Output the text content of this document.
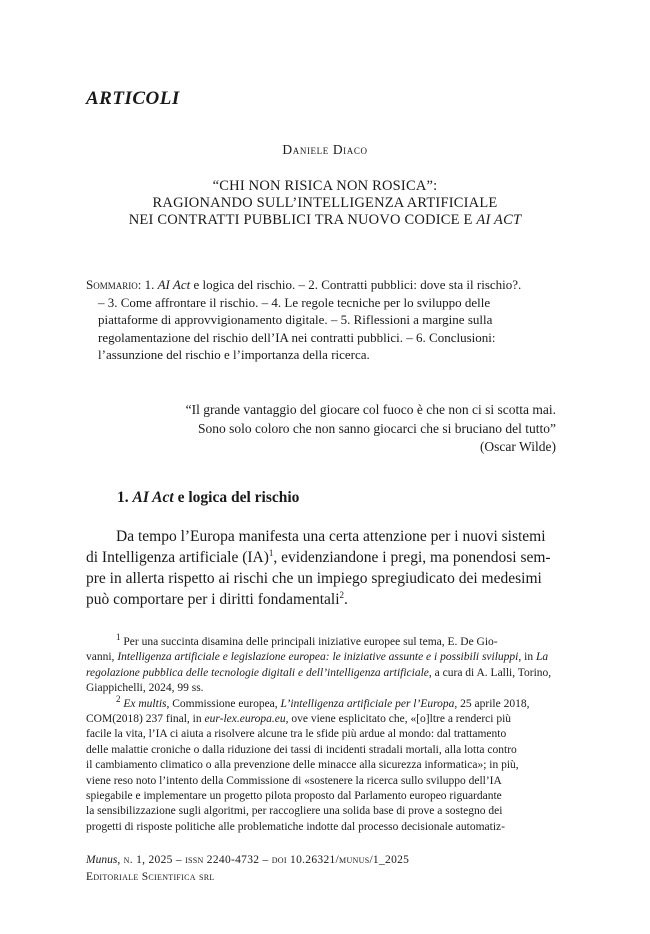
ARTICOLI
Daniele Diaco
“CHI NON RISICA NON ROSICA”:
RAGIONANDO SULL’INTELLIGENZA ARTIFICIALE
NEI CONTRATTI PUBBLICI TRA NUOVO CODICE E AI ACT
Sommario: 1. AI Act e logica del rischio. – 2. Contratti pubblici: dove sta il rischio?.
– 3. Come affrontare il rischio. – 4. Le regole tecniche per lo sviluppo delle
piattaforme di approvvigionamento digitale. – 5. Riflessioni a margine sulla
regolamentazione del rischio dell’IA nei contratti pubblici. – 6. Conclusioni:
l’assunzione del rischio e l’importanza della ricerca.
“Il grande vantaggio del giocare col fuoco è che non ci si scotta mai.
Sono solo coloro che non sanno giocarci che si bruciano del tutto”
(Oscar Wilde)
1. AI Act e logica del rischio
Da tempo l’Europa manifesta una certa attenzione per i nuovi sistemi
di Intelligenza artificiale (IA)$^1$, evidenziandone i pregi, ma ponendosi sem-
pre in allerta rispetto ai rischi che un impiego spregiudicato dei medesimi
può comportare per i diritti fondamentali$^2$.
$^1$ Per una succinta disamina delle principali iniziative europee sul tema, E. De Gio-
vanni, Intelligenza artificiale e legislazione europea: le iniziative assunte e i possibili sviluppi, in La
regolazione pubblica delle tecnologie digitali e dell’intelligenza artificiale, a cura di A. Lalli, Torino,
Giappichelli, 2024, 99 ss.
$^2$ Ex multis, Commissione europea, L’intelligenza artificiale per l’Europa, 25 aprile 2018,
COM(2018) 237 final, in eur-lex.europa.eu, ove viene esplicitato che, «[o]ltre a renderci più
facile la vita, l’IA ci aiuta a risolvere alcune tra le sfide più ardue al mondo: dal trattamento
delle malattie croniche o dalla riduzione dei tassi di incidenti stradali mortali, alla lotta contro
il cambiamento climatico o alla prevenzione delle minacce alla sicurezza informatica»; in più,
viene reso noto l’intento della Commissione di «sostenere la ricerca sullo sviluppo dell’IA
spiegabile e implementare un progetto pilota proposto dal Parlamento europeo riguardante
la sensibilizzazione sugli algoritmi, per raccogliere una solida base di prove a sostegno dei
progetti di risposte politiche alle problematiche indotte dal processo decisionale automatiz-
Munus, n. 1, 2025 – issn 2240-4732 – doi 10.26321/munus/1_2025
Editoriale Scientifica srl
